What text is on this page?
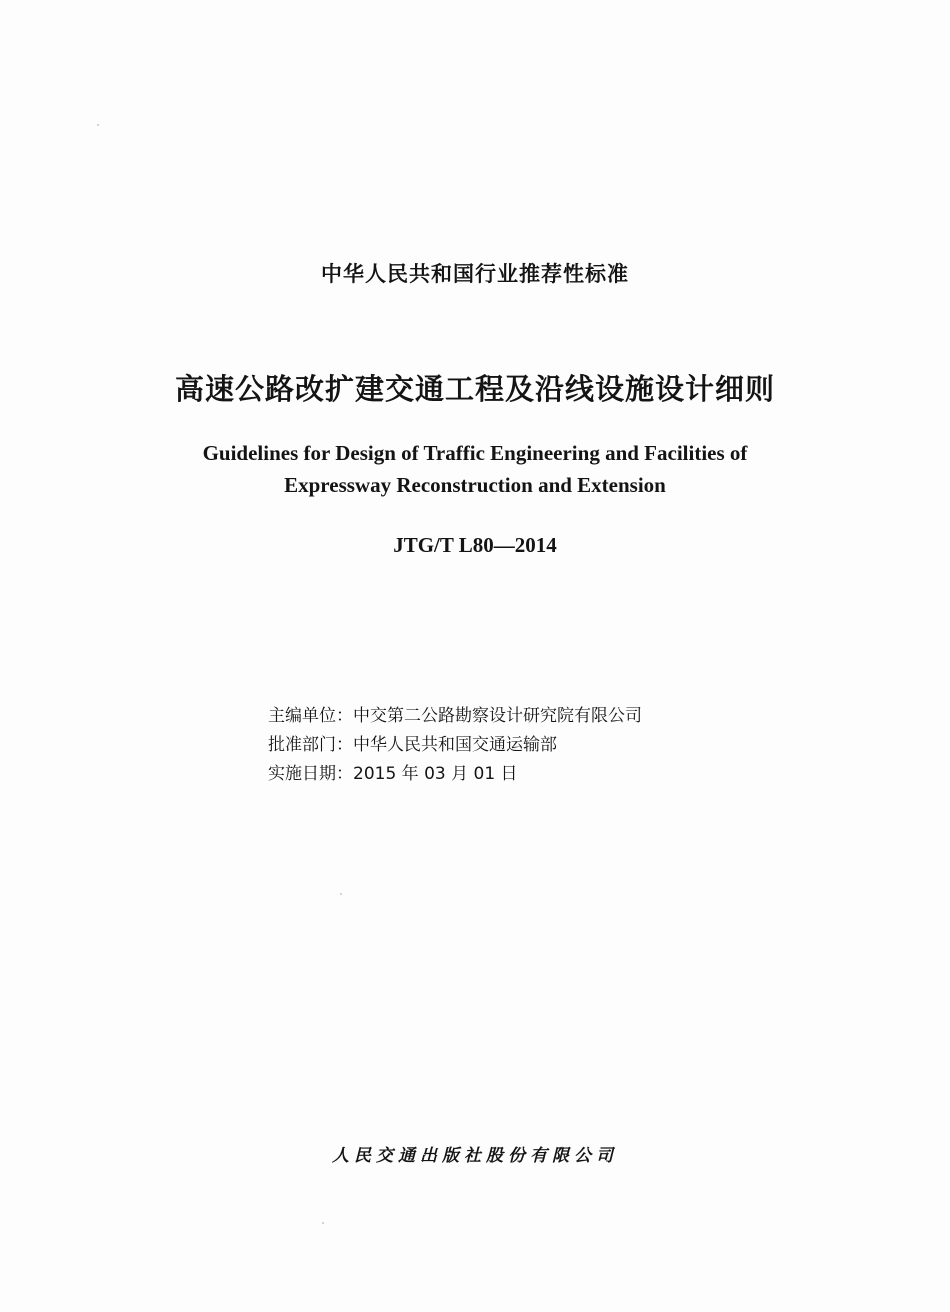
中华人民共和国行业推荐性标准
高速公路改扩建交通工程及沿线设施设计细则
Guidelines for Design of Traffic Engineering and Facilities of
Expressway Reconstruction and Extension
JTG/T L80—2014
主编单位：中交第二公路勘察设计研究院有限公司
批准部门：中华人民共和国交通运输部
实施日期：2015 年 03 月 01 日
人民交通出版社股份有限公司
